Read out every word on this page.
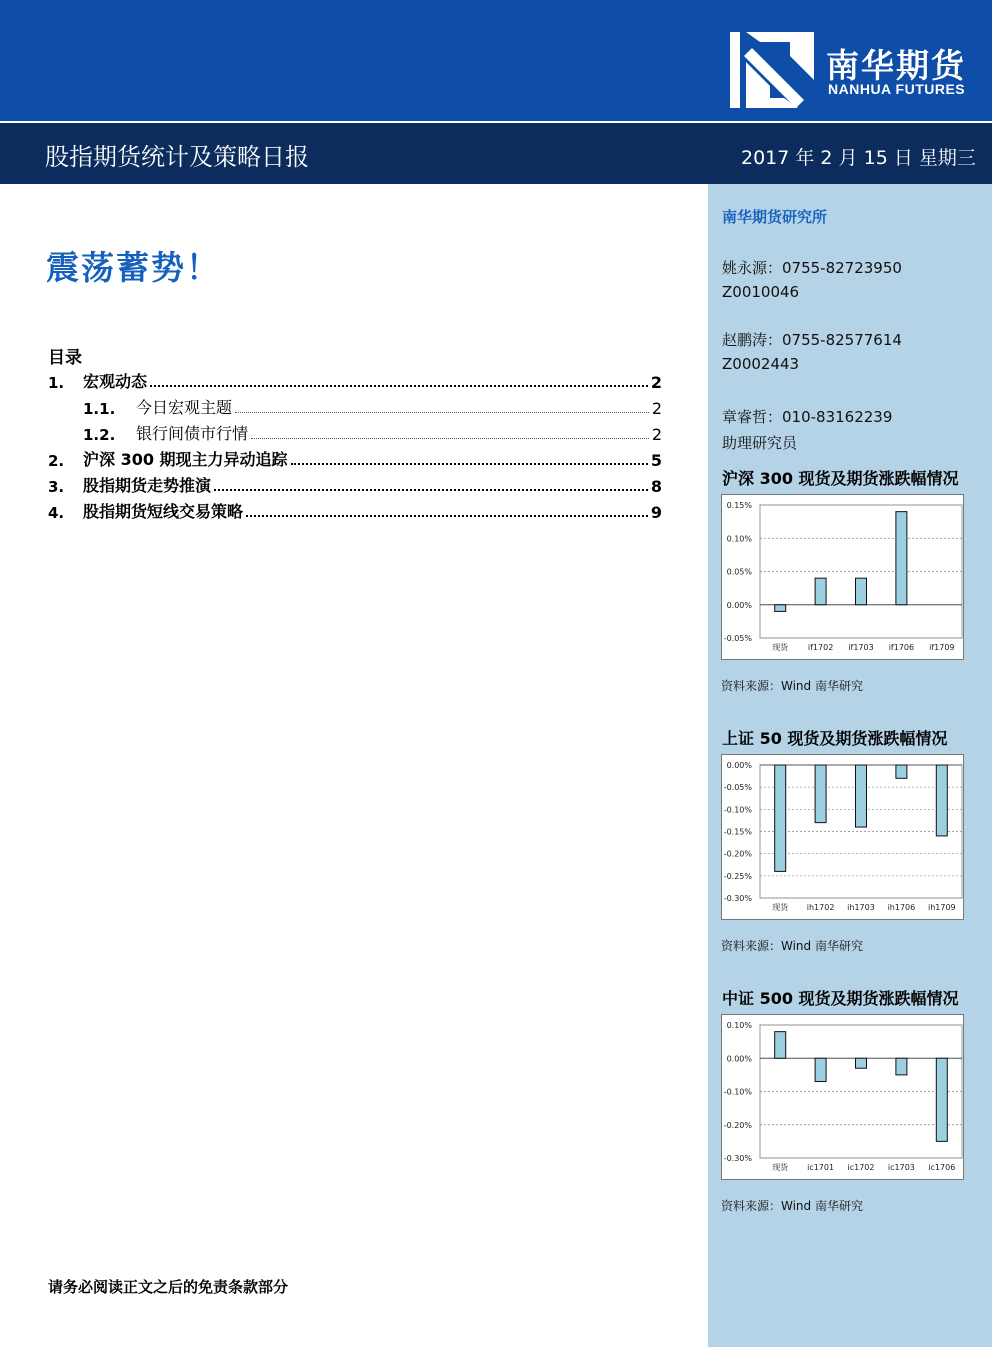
南华期货
NANHUA FUTURES
股指期货统计及策略日报	2017 年 2 月 15 日 星期三
震荡蓄势！
目录
1.	宏观动态	2
1.1.	今日宏观主题	2
1.2.	银行间债市行情	2
2.	沪深 300 期现主力异动追踪	5
3.	股指期货走势推演	8
4.	股指期货短线交易策略	9
请务必阅读正文之后的免责条款部分
南华期货研究所
姚永源：0755-82723950
Z0010046
赵鹏涛：0755-82577614
Z0002443
章睿哲：010-83162239
助理研究员
沪深 300 现货及期货涨跌幅情况
0.15%
0.10%
0.05%
0.00%
-0.05%
现货 if1702 if1703 if1706 if1709
资料来源：Wind 南华研究
上证 50 现货及期货涨跌幅情况
0.00%
-0.05%
-0.10%
-0.15%
-0.20%
-0.25%
-0.30%
现货 ih1702 ih1703 ih1706 ih1709
资料来源：Wind 南华研究
中证 500 现货及期货涨跌幅情况
0.10%
0.00%
-0.10%
-0.20%
-0.30%
现货 ic1701 ic1702 ic1703 ic1706
资料来源：Wind 南华研究
